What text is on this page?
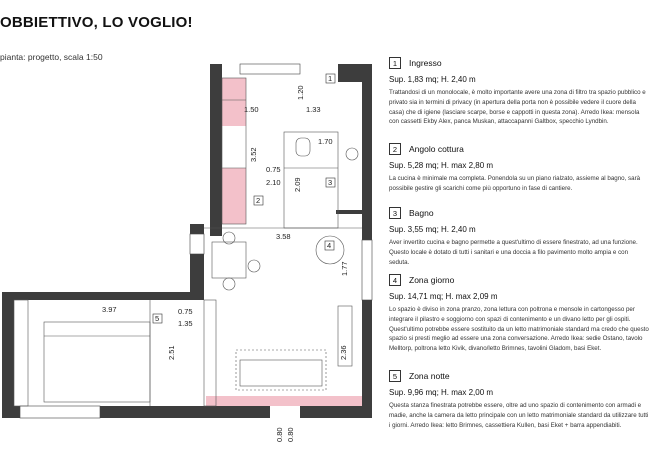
OBBIETTIVO, LO VOGLIO!
pianta: progetto, scala 1:50
1.50
1.20
1.33
1.70
3.52
0.75
2.10 2.09
3.58
1.77
3.97	0.75
1.35
2.51	2.36
0.80 0.80
1
2
3
4
5
1	Ingresso
Sup. 1,83 mq; H. 2,40 m
Trattandosi di un monolocale, è molto importante avere una zona di filtro tra spazio pubblico e privato sia in termini di privacy (in apertura della porta non è possibile vedere il cuore della casa) che di igiene (lasciare scarpe, borse e cappotti in questa zona). Arredo Ikea: mensola con cassetti Ekby Alex, panca Muskan, attaccapanni Galtbox, specchio Lyndbin.
2	Angolo cottura
Sup. 5,28 mq; H. max 2,80 m
La cucina è minimale ma completa. Ponendola su un piano rialzato, assieme al bagno, sarà possibile gestire gli scarichi come più opportuno in fase di cantiere.
3	Bagno
Sup. 3,55 mq; H. 2,40 m
Aver invertito cucina e bagno permette a quest'ultimo di essere finestrato, ad una funzione. Questo locale è dotato di tutti i sanitari e una doccia a filo pavimento molto ampia e con seduta.
4	Zona giorno
Sup. 14,71 mq; H. max 2,09 m
Lo spazio è diviso in zona pranzo, zona lettura con poltrona e mensole in cartongesso per integrare il pilastro e soggiorno con spazi di contenimento e un divano letto per gli ospiti. Quest'ultimo potrebbe essere sostituito da un letto matrimoniale standard ma credo che questo spazio si presti meglio ad essere una zona conversazione. Arredo Ikea: sedie Ostano, tavolo Melltorp, poltrona letto Kivik, divano/letto Brimnes, tavolini Gladom, basi Eket.
5	Zona notte
Sup. 9,96 mq; H. max 2,00 m
Questa stanza finestrata potrebbe essere, oltre ad uno spazio di contenimento con armadi e madie, anche la camera da letto principale con un letto matrimoniale standard da utilizzare tutti i giorni. Arredo Ikea: letto Brimnes, cassettiera Kullen, basi Eket + barra appendiabiti.
